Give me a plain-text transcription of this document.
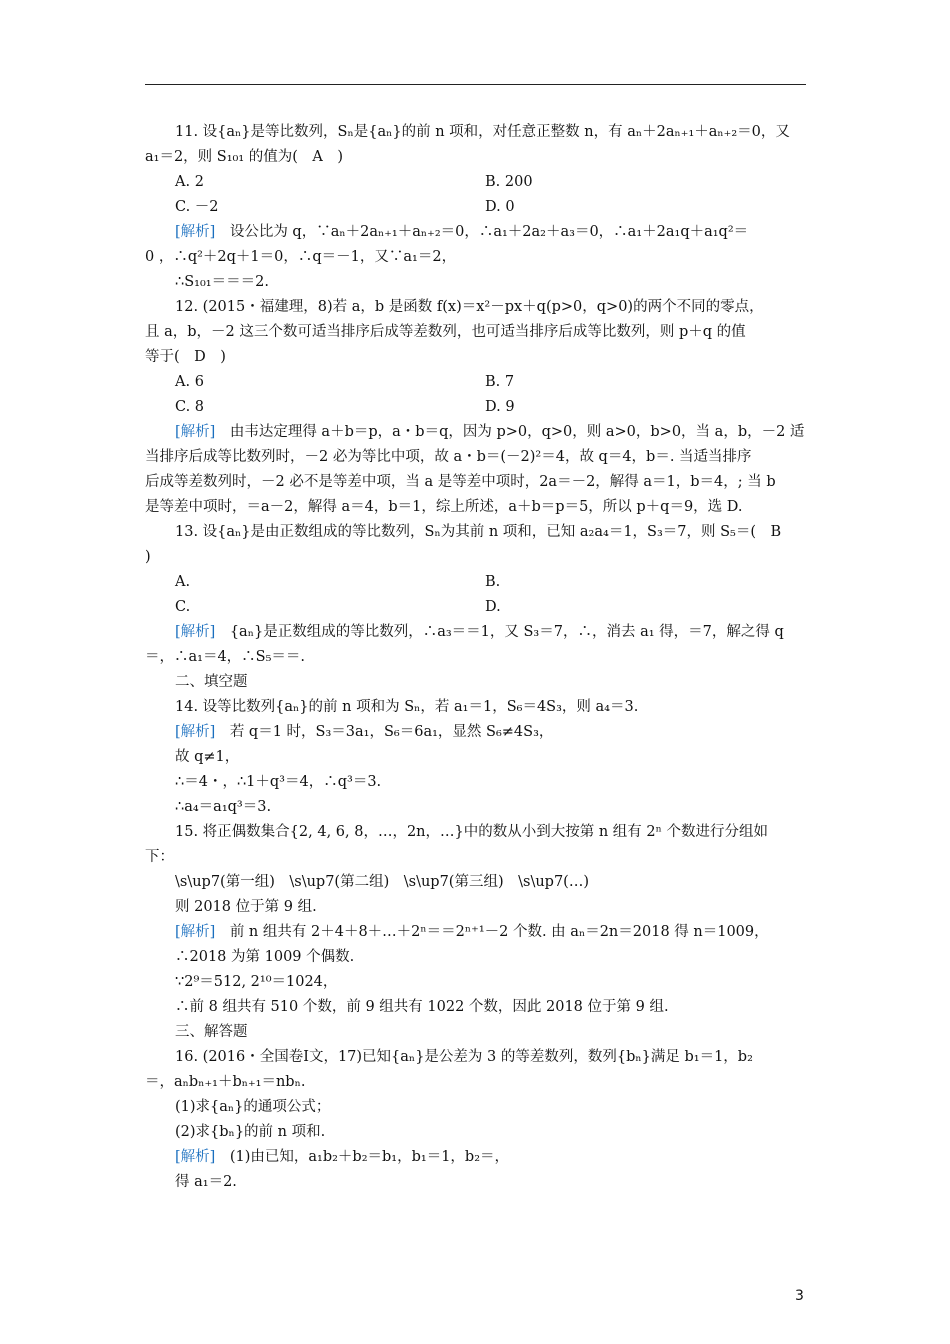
11. 设{aₙ}是等比数列，Sₙ是{aₙ}的前 n 项和，对任意正整数 n，有 aₙ＋2aₙ₊₁＋aₙ₊₂＝0，又
a₁＝2，则 S₁₀₁ 的值为(　A　)
A. 2	B. 200
C. －2	D. 0
[解析]　设公比为 q，∵aₙ＋2aₙ₊₁＋aₙ₊₂＝0，∴a₁＋2a₂＋a₃＝0，∴a₁＋2a₁q＋a₁q²＝
0 ，∴q²＋2q＋1＝0，∴q＝－1，又∵a₁＝2，
∴S₁₀₁＝＝＝2.
12. (2015・福建理，8)若 a，b 是函数 f(x)＝x²－px＋q(p>0，q>0)的两个不同的零点，
且 a，b，－2 这三个数可适当排序后成等差数列，也可适当排序后成等比数列，则 p＋q 的值
等于(　D　)
A. 6	B. 7
C. 8	D. 9
[解析]　由韦达定理得 a＋b＝p，a・b＝q，因为 p>0，q>0，则 a>0，b>0，当 a，b，－2 适
当排序后成等比数列时，－2 必为等比中项，故 a・b＝(－2)²＝4，故 q＝4，b＝. 当适当排序
后成等差数列时，－2 必不是等差中项，当 a 是等差中项时，2a＝－2，解得 a＝1，b＝4，; 当 b
是等差中项时，＝a－2，解得 a＝4，b＝1，综上所述，a＋b＝p＝5，所以 p＋q＝9，选 D.
13. 设{aₙ}是由正数组成的等比数列，Sₙ为其前 n 项和，已知 a₂a₄＝1，S₃＝7，则 S₅＝(　B
)
A.	B.
C.	D.
[解析]　{aₙ}是正数组成的等比数列，∴a₃＝＝1，又 S₃＝7，∴，消去 a₁ 得，＝7，解之得 q
＝，∴a₁＝4，∴S₅＝＝.
二、填空题
14. 设等比数列{aₙ}的前 n 项和为 Sₙ，若 a₁＝1，S₆＝4S₃，则 a₄＝3.
[解析]　若 q＝1 时，S₃＝3a₁，S₆＝6a₁，显然 S₆≠4S₃，
故 q≠1，
∴＝4・，∴1＋q³＝4，∴q³＝3.
∴a₄＝a₁q³＝3.
15. 将正偶数集合{2, 4, 6, 8，…，2n，…}中的数从小到大按第 n 组有 2ⁿ 个数进行分组如
下：
\s\up7(第一组)　\s\up7(第二组)　\s\up7(第三组)　\s\up7(…)
则 2018 位于第 9 组.
[解析]　前 n 组共有 2＋4＋8＋…＋2ⁿ＝＝2ⁿ⁺¹－2 个数. 由 aₙ＝2n＝2018 得 n＝1009，
∴2018 为第 1009 个偶数.
∵2⁹＝512, 2¹⁰＝1024，
∴前 8 组共有 510 个数，前 9 组共有 1022 个数，因此 2018 位于第 9 组.
三、解答题
16. (2016・全国卷Ⅰ文，17)已知{aₙ}是公差为 3 的等差数列，数列{bₙ}满足 b₁＝1，b₂
＝，aₙbₙ₊₁＋bₙ₊₁＝nbₙ.
(1)求{aₙ}的通项公式；
(2)求{bₙ}的前 n 项和.
[解析]　(1)由已知，a₁b₂＋b₂＝b₁，b₁＝1，b₂＝，
得 a₁＝2.
3
